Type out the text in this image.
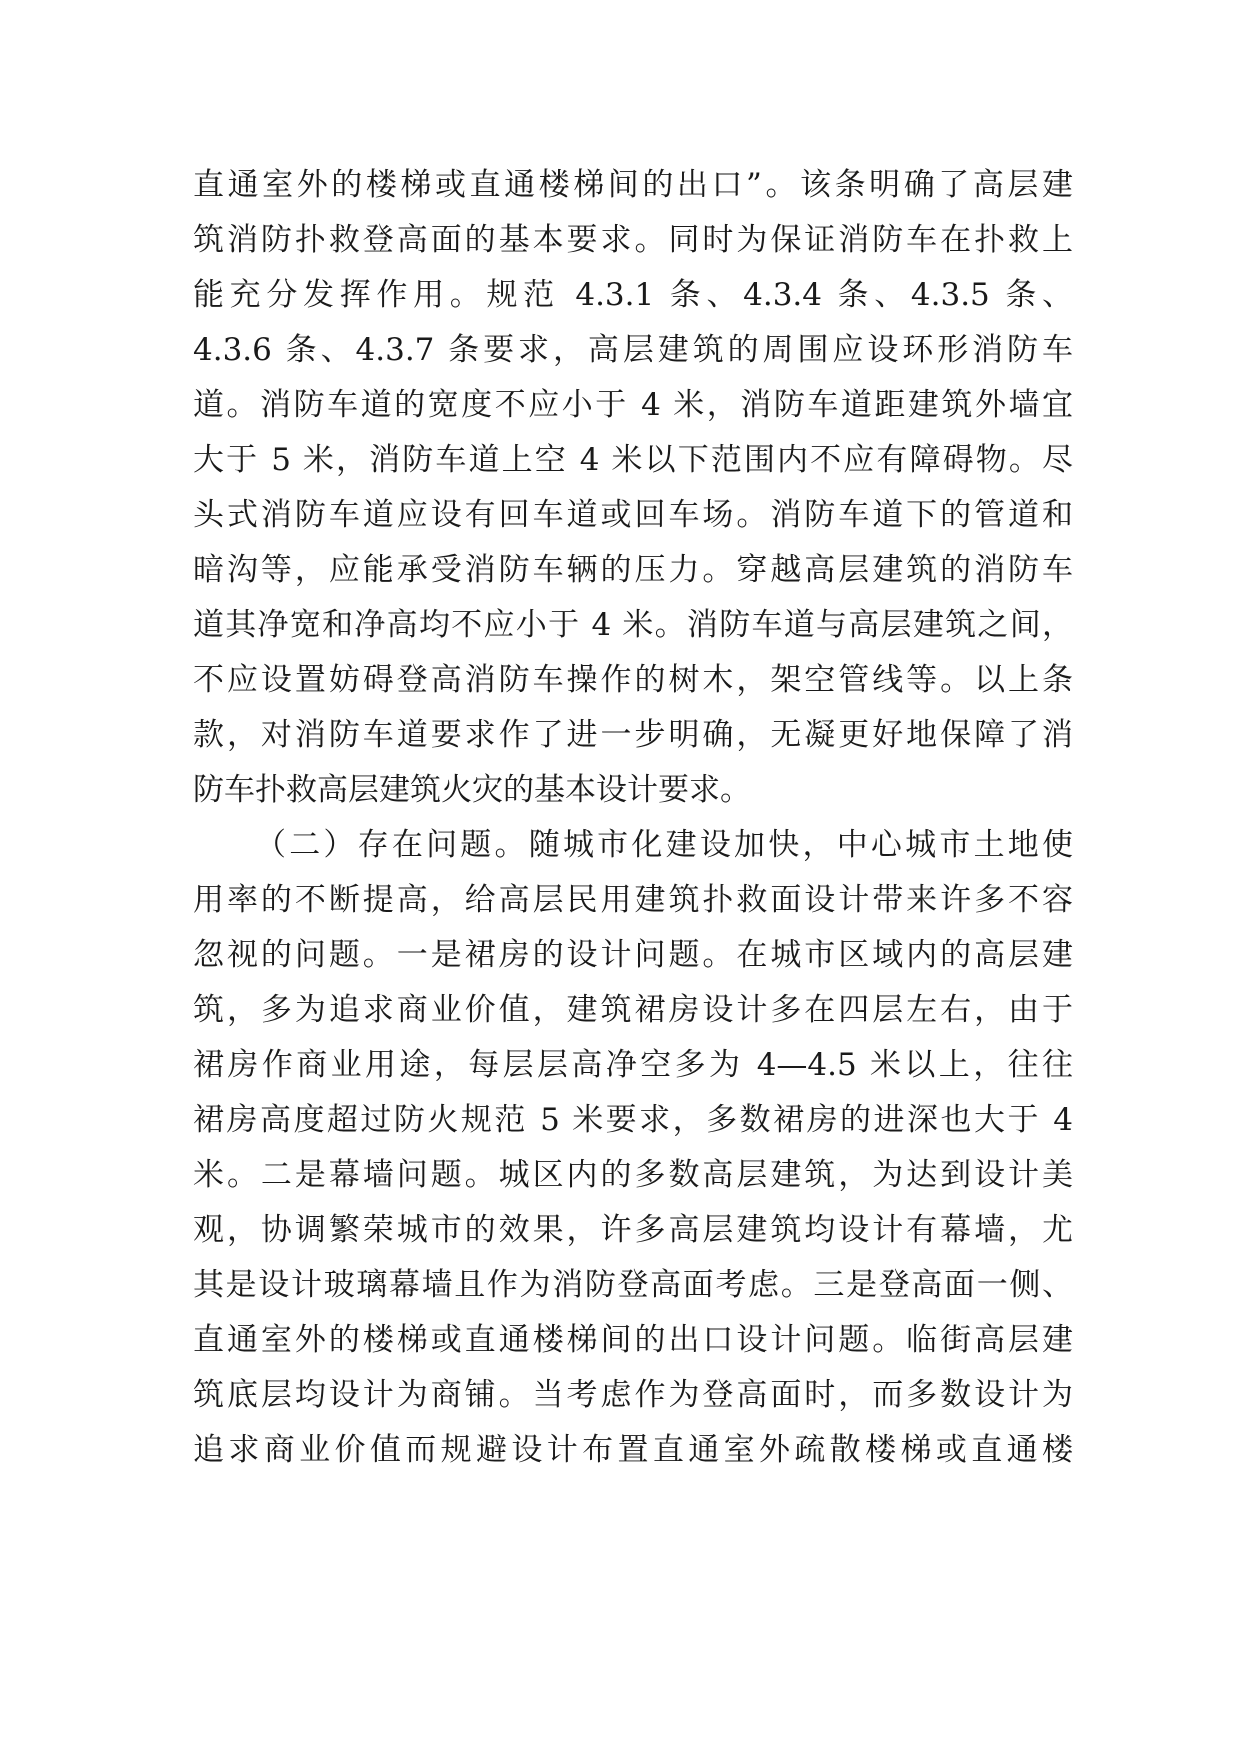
直通室外的楼梯或直通楼梯间的出口”。该条明确了高层建
筑消防扑救登高面的基本要求。同时为保证消防车在扑救上
能充分发挥作用。规范 4.3.1 条、4.3.4 条、4.3.5 条、
4.3.6 条、4.3.7 条要求，高层建筑的周围应设环形消防车
道。消防车道的宽度不应小于 4 米，消防车道距建筑外墙宜
大于 5 米，消防车道上空 4 米以下范围内不应有障碍物。尽
头式消防车道应设有回车道或回车场。消防车道下的管道和
暗沟等，应能承受消防车辆的压力。穿越高层建筑的消防车
道其净宽和净高均不应小于 4 米。消防车道与高层建筑之间，
不应设置妨碍登高消防车操作的树木，架空管线等。以上条
款，对消防车道要求作了进一步明确，无凝更好地保障了消
防车扑救高层建筑火灾的基本设计要求。
（二）存在问题。随城市化建设加快，中心城市土地使
用率的不断提高，给高层民用建筑扑救面设计带来许多不容
忽视的问题。一是裙房的设计问题。在城市区域内的高层建
筑，多为追求商业价值，建筑裙房设计多在四层左右，由于
裙房作商业用途，每层层高净空多为 4—4.5 米以上，往往
裙房高度超过防火规范 5 米要求，多数裙房的进深也大于 4
米。二是幕墙问题。城区内的多数高层建筑，为达到设计美
观，协调繁荣城市的效果，许多高层建筑均设计有幕墙，尤
其是设计玻璃幕墙且作为消防登高面考虑。三是登高面一侧、
直通室外的楼梯或直通楼梯间的出口设计问题。临街高层建
筑底层均设计为商铺。当考虑作为登高面时，而多数设计为
追求商业价值而规避设计布置直通室外疏散楼梯或直通楼
